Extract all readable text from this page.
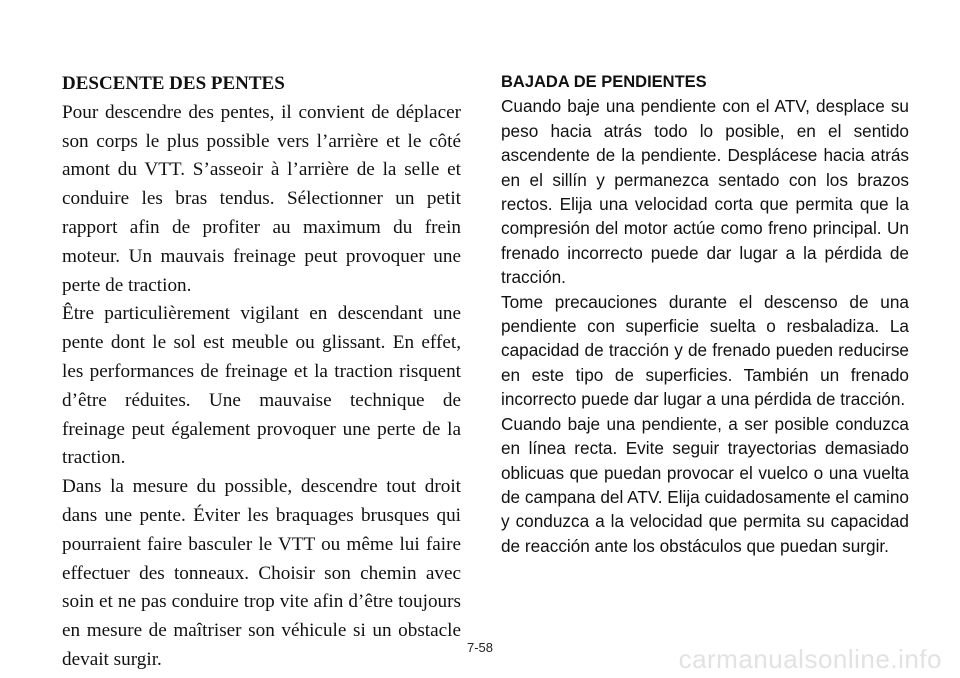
DESCENTE DES PENTES

Pour descendre des pentes, il convient de déplacer son corps le plus possible vers l’arrière et le côté amont du VTT. S’asseoir à l’arrière de la selle et conduire les bras tendus. Sélectionner un petit rapport afin de profiter au maximum du frein moteur. Un mauvais freinage peut provoquer une perte de traction.

Être particulièrement vigilant en descendant une pente dont le sol est meuble ou glissant. En effet, les performances de freinage et la traction risquent d’être réduites. Une mauvaise technique de freinage peut également provoquer une perte de la traction.

Dans la mesure du possible, descendre tout droit dans une pente. Éviter les braquages brusques qui pourraient faire basculer le VTT ou même lui faire effectuer des tonneaux. Choisir son chemin avec soin et ne pas conduire trop vite afin d’être toujours en mesure de maîtriser son véhicule si un obstacle devait surgir.

BAJADA DE PENDIENTES

Cuando baje una pendiente con el ATV, desplace su peso hacia atrás todo lo posible, en el sentido ascendente de la pendiente. Desplácese hacia atrás en el sillín y permanezca sentado con los brazos rectos. Elija una velocidad corta que permita que la compresión del motor actúe como freno principal. Un frenado incorrecto puede dar lugar a la pérdida de tracción.

Tome precauciones durante el descenso de una pendiente con superficie suelta o resbaladiza. La capacidad de tracción y de frenado pueden reducirse en este tipo de superficies. También un frenado incorrecto puede dar lugar a una pérdida de tracción.

Cuando baje una pendiente, a ser posible conduzca en línea recta. Evite seguir trayectorias demasiado oblicuas que puedan provocar el vuelco o una vuelta de campana del ATV. Elija cuidadosamente el camino y conduzca a la velocidad que permita su capacidad de reacción ante los obstáculos que puedan surgir.

7-58	carmanualsonline.info
